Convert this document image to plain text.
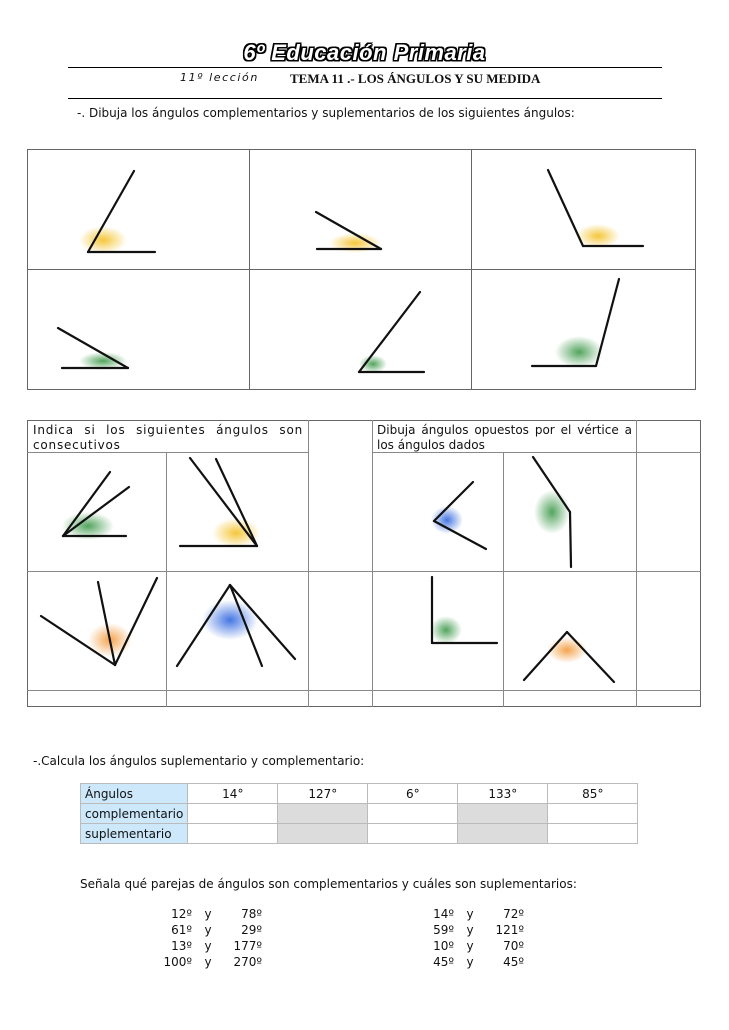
6º Educación Primaria
11º lección TEMA 11 .- LOS ÁNGULOS Y SU MEDIDA
-. Dibuja los ángulos complementarios y suplementarios de los siguientes ángulos:
Indica si los siguientes ángulos son consecutivos
Dibuja ángulos opuestos por el vértice a los ángulos dados
-.Calcula los ángulos suplementario y complementario:
Ángulos	14°	127°	6°	133°	85°
complementario					
suplementario					
Señala qué parejas de ángulos son complementarios y cuáles son suplementarios:
12º y 78º
61º y 29º
13º y 177º
100º y 270º
14º y 72º
59º y 121º
10º y 70º
45º y 45º
